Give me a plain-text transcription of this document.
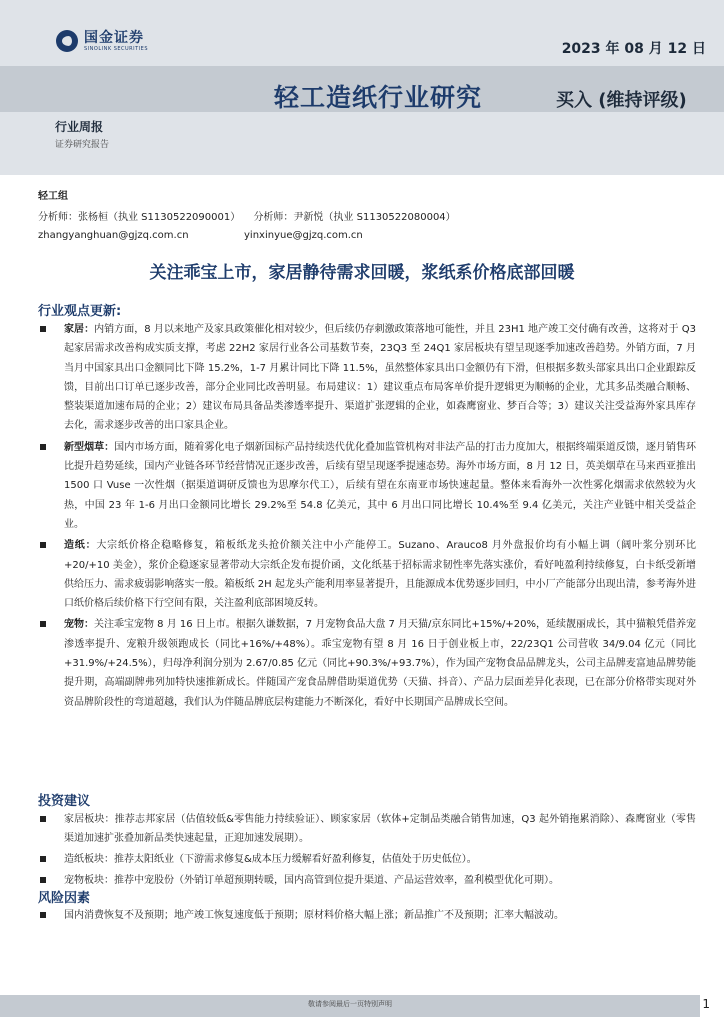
国金证券
SINOLINK SECURITIES	2023 年 08 月 12 日
轻工造纸行业研究	买入 (维持评级)
行业周报
证券研究报告
轻工组
分析师：张杨桓（执业 S1130522090001） 分析师：尹新悦（执业 S1130522080004）
zhangyanghuan@gjzq.com.cn	yinxinyue@gjzq.com.cn
关注乖宝上市，家居静待需求回暖，浆纸系价格底部回暖
行业观点更新:
家居：内销方面，8 月以来地产及家具政策催化相对较少，但后续仍存刺激政策落地可能性，并且 23H1 地产竣工交付确有改善，这将对于 Q3 起家居需求改善构成实质支撑，考虑 22H2 家居行业各公司基数节奏，23Q3 至 24Q1 家居板块有望呈现逐季加速改善趋势。外销方面，7 月当月中国家具出口金额同比下降 15.2%，1-7 月累计同比下降 11.5%，虽然整体家具出口金额仍有下滑，但根据多数头部家具出口企业跟踪反馈，目前出口订单已逐步改善，部分企业同比改善明显。布局建议：1）建议重点布局客单价提升逻辑更为顺畅的企业，尤其多品类融合顺畅、整装渠道加速布局的企业；2）建议布局具备品类渗透率提升、渠道扩张逻辑的企业，如森鹰窗业、梦百合等；3）建议关注受益海外家具库存去化，需求逐步改善的出口家具企业。
新型烟草：国内市场方面，随着雾化电子烟新国标产品持续迭代优化叠加监管机构对非法产品的打击力度加大，根据终端渠道反馈，逐月销售环比提升趋势延续，国内产业链各环节经营情况正逐步改善，后续有望呈现逐季提速态势。海外市场方面，8 月 12 日，英美烟草在马来西亚推出 1500 口 Vuse 一次性烟（据渠道调研反馈也为思摩尔代工），后续有望在东南亚市场快速起量。整体来看海外一次性雾化烟需求依然较为火热，中国 23 年 1-6 月出口金额同比增长 29.2%至 54.8 亿美元，其中 6 月出口同比增长 10.4%至 9.4 亿美元，关注产业链中相关受益企业。
造纸：大宗纸价格企稳略修复，箱板纸龙头抢价额关注中小产能停工。Suzano、Arauco8 月外盘报价均有小幅上调（阔叶浆分别环比+20/+10 美金），浆价企稳逐家显著带动大宗纸企发布提价函，文化纸基于招标需求韧性率先落实涨价，看好吨盈利持续修复，白卡纸受新增供给压力、需求疲弱影响落实一般。箱板纸 2H 起龙头产能利用率显著提升，且能源成本优势逐步回归，中小厂产能部分出现出清，参考海外进口纸价格后续价格下行空间有限，关注盈利底部困境反转。
宠物：关注乖宝宠物 8 月 16 日上市。根据久谦数据，7 月宠物食品大盘 7 月天猫/京东同比+15%/+20%，延续靓丽成长，其中猫粮凭借养宠渗透率提升、宠粮升级领跑成长（同比+16%/+48%）。乖宝宠物有望 8 月 16 日于创业板上市，22/23Q1 公司营收 34/9.04 亿元（同比+31.9%/+24.5%），归母净利润分别为 2.67/0.85 亿元（同比+90.3%/+93.7%），作为国产宠物食品品牌龙头，公司主品牌麦富迪品牌势能提升期，高端副牌弗列加特快速推新成长。伴随国产宠食品牌借助渠道优势（天猫、抖音）、产品力层面差异化表现，已在部分价格带实现对外资品牌阶段性的弯道超越，我们认为伴随品牌底层构建能力不断深化，看好中长期国产品牌成长空间。
投资建议
家居板块：推荐志邦家居（估值较低&零售能力持续验证）、顾家家居（软体+定制品类融合销售加速，Q3 起外销拖累消除）、森鹰窗业（零售渠道加速扩张叠加新品类快速起量，正迎加速发展期）。
造纸板块：推荐太阳纸业（下游需求修复&成本压力缓解看好盈利修复，估值处于历史低位）。
宠物板块：推荐中宠股份（外销订单超预期转暖，国内高管到位提升渠道、产品运营效率，盈利模型优化可期）。
风险因素
国内消费恢复不及预期；地产竣工恢复速度低于预期；原材料价格大幅上涨；新品推广不及预期；汇率大幅波动。
敬请参阅最后一页特别声明	1
